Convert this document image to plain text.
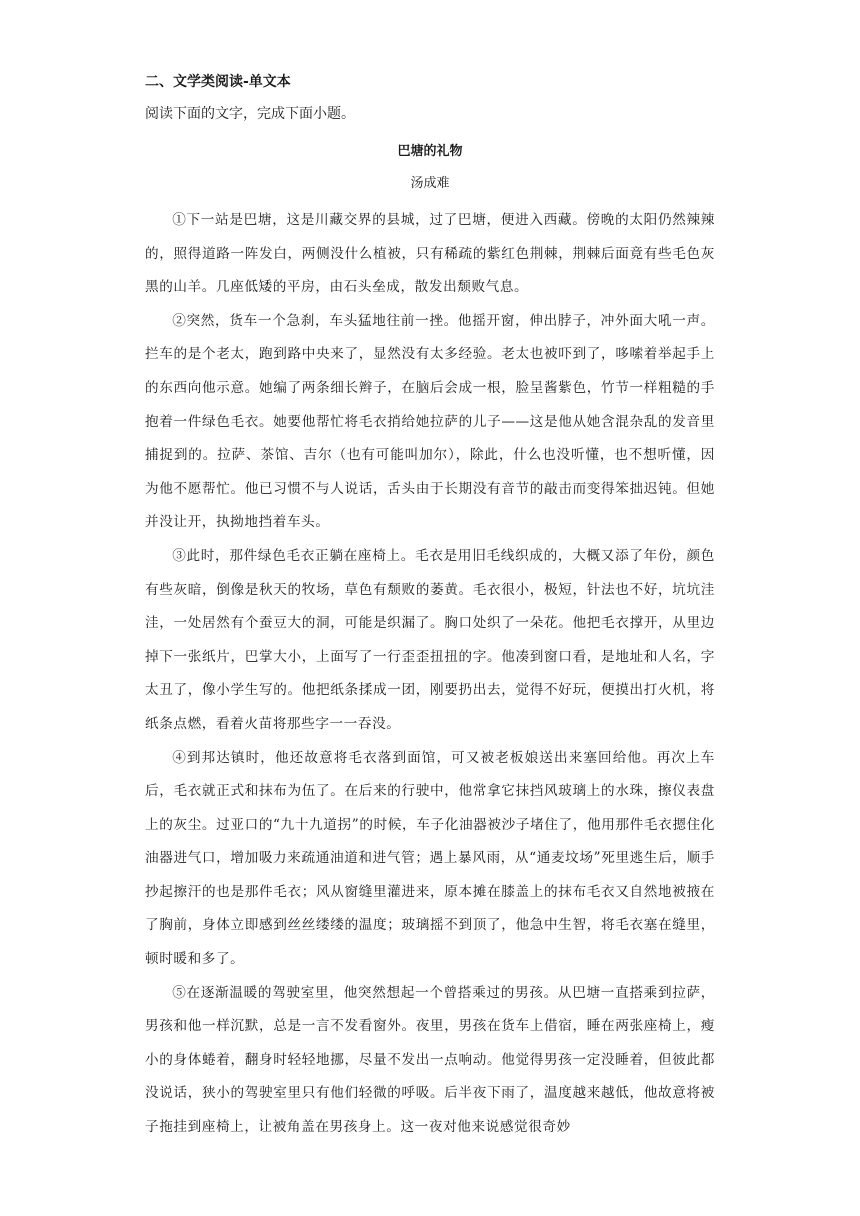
二、文学类阅读-单文本
阅读下面的文字，完成下面小题。
巴塘的礼物
汤成难

①下一站是巴塘，这是川藏交界的县城，过了巴塘，便进入西藏。傍晚的太阳仍然辣辣的，照得道路一阵发白，两侧没什么植被，只有稀疏的紫红色荆棘，荆棘后面竟有些毛色灰黑的山羊。几座低矮的平房，由石头垒成，散发出颓败气息。

②突然，货车一个急刹，车头猛地往前一挫。他摇开窗，伸出脖子，冲外面大吼一声。拦车的是个老太，跑到路中央来了，显然没有太多经验。老太也被吓到了，哆嗦着举起手上的东西向他示意。她编了两条细长辫子，在脑后会成一根，脸呈酱紫色，竹节一样粗糙的手抱着一件绿色毛衣。她要他帮忙将毛衣捎给她拉萨的儿子——这是他从她含混杂乱的发音里捕捉到的。拉萨、茶馆、吉尔（也有可能叫加尔），除此，什么也没听懂，也不想听懂，因为他不愿帮忙。他已习惯不与人说话，舌头由于长期没有音节的敲击而变得笨拙迟钝。但她并没让开，执拗地挡着车头。

③此时，那件绿色毛衣正躺在座椅上。毛衣是用旧毛线织成的，大概又添了年份，颜色有些灰暗，倒像是秋天的牧场，草色有颓败的萎黄。毛衣很小，极短，针法也不好，坑坑洼洼，一处居然有个蚕豆大的洞，可能是织漏了。胸口处织了一朵花。他把毛衣撑开，从里边掉下一张纸片，巴掌大小，上面写了一行歪歪扭扭的字。他凑到窗口看，是地址和人名，字太丑了，像小学生写的。他把纸条揉成一团，刚要扔出去，觉得不好玩，便摸出打火机，将纸条点燃，看着火苗将那些字一一吞没。

④到邦达镇时，他还故意将毛衣落到面馆，可又被老板娘送出来塞回给他。再次上车后，毛衣就正式和抹布为伍了。在后来的行驶中，他常拿它抹挡风玻璃上的水珠，擦仪表盘上的灰尘。过亚口的“九十九道拐”的时候，车子化油器被沙子堵住了，他用那件毛衣摁住化油器进气口，增加吸力来疏通油道和进气管；遇上暴风雨，从“通麦坟场”死里逃生后，顺手抄起擦汗的也是那件毛衣；风从窗缝里灌进来，原本摊在膝盖上的抹布毛衣又自然地被掖在了胸前，身体立即感到丝丝缕缕的温度；玻璃摇不到顶了，他急中生智，将毛衣塞在缝里，顿时暖和多了。

⑤在逐渐温暖的驾驶室里，他突然想起一个曾搭乘过的男孩。从巴塘一直搭乘到拉萨，男孩和他一样沉默，总是一言不发看窗外。夜里，男孩在货车上借宿，睡在两张座椅上，瘦小的身体蜷着，翻身时轻轻地挪，尽量不发出一点响动。他觉得男孩一定没睡着，但彼此都没说话，狭小的驾驶室里只有他们轻微的呼吸。后半夜下雨了，温度越来越低，他故意将被子拖挂到座椅上，让被角盖在男孩身上。这一夜对他来说感觉很奇妙
